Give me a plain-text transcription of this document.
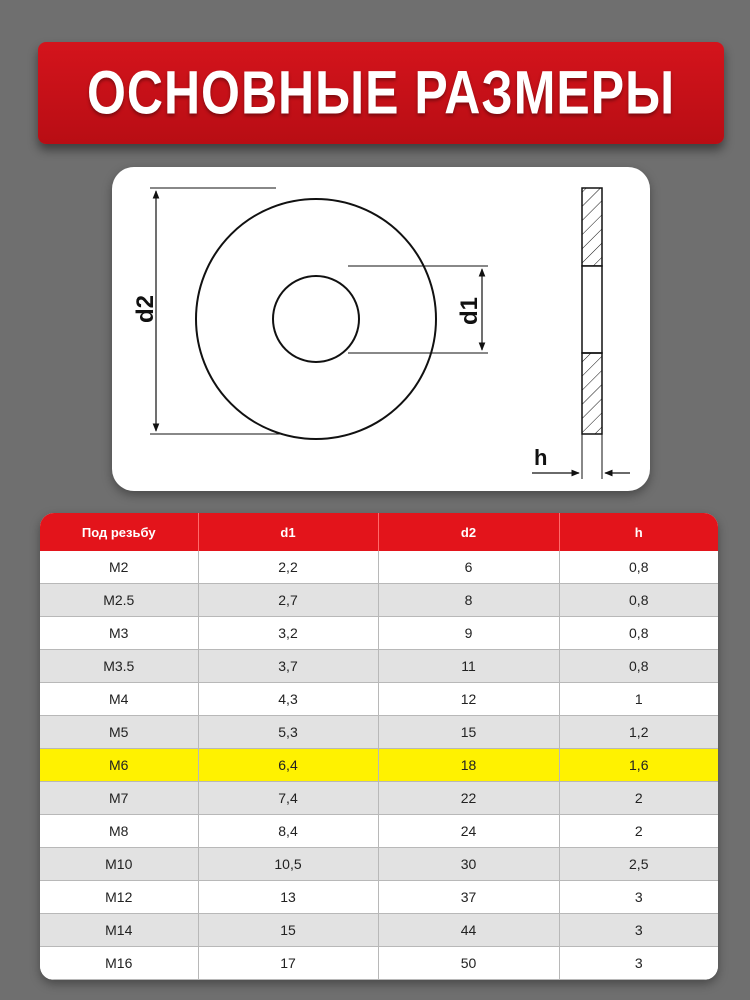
ОСНОВНЫЕ РАЗМЕРЫ
d2	d1
h
Под резьбу	d1	d2	h
M2	2,2	6	0,8
M2.5	2,7	8	0,8
M3	3,2	9	0,8
M3.5	3,7	11	0,8
M4	4,3	12	1
M5	5,3	15	1,2
M6	6,4	18	1,6
M7	7,4	22	2
M8	8,4	24	2
M10	10,5	30	2,5
M12	13	37	3
M14	15	44	3
M16	17	50	3
